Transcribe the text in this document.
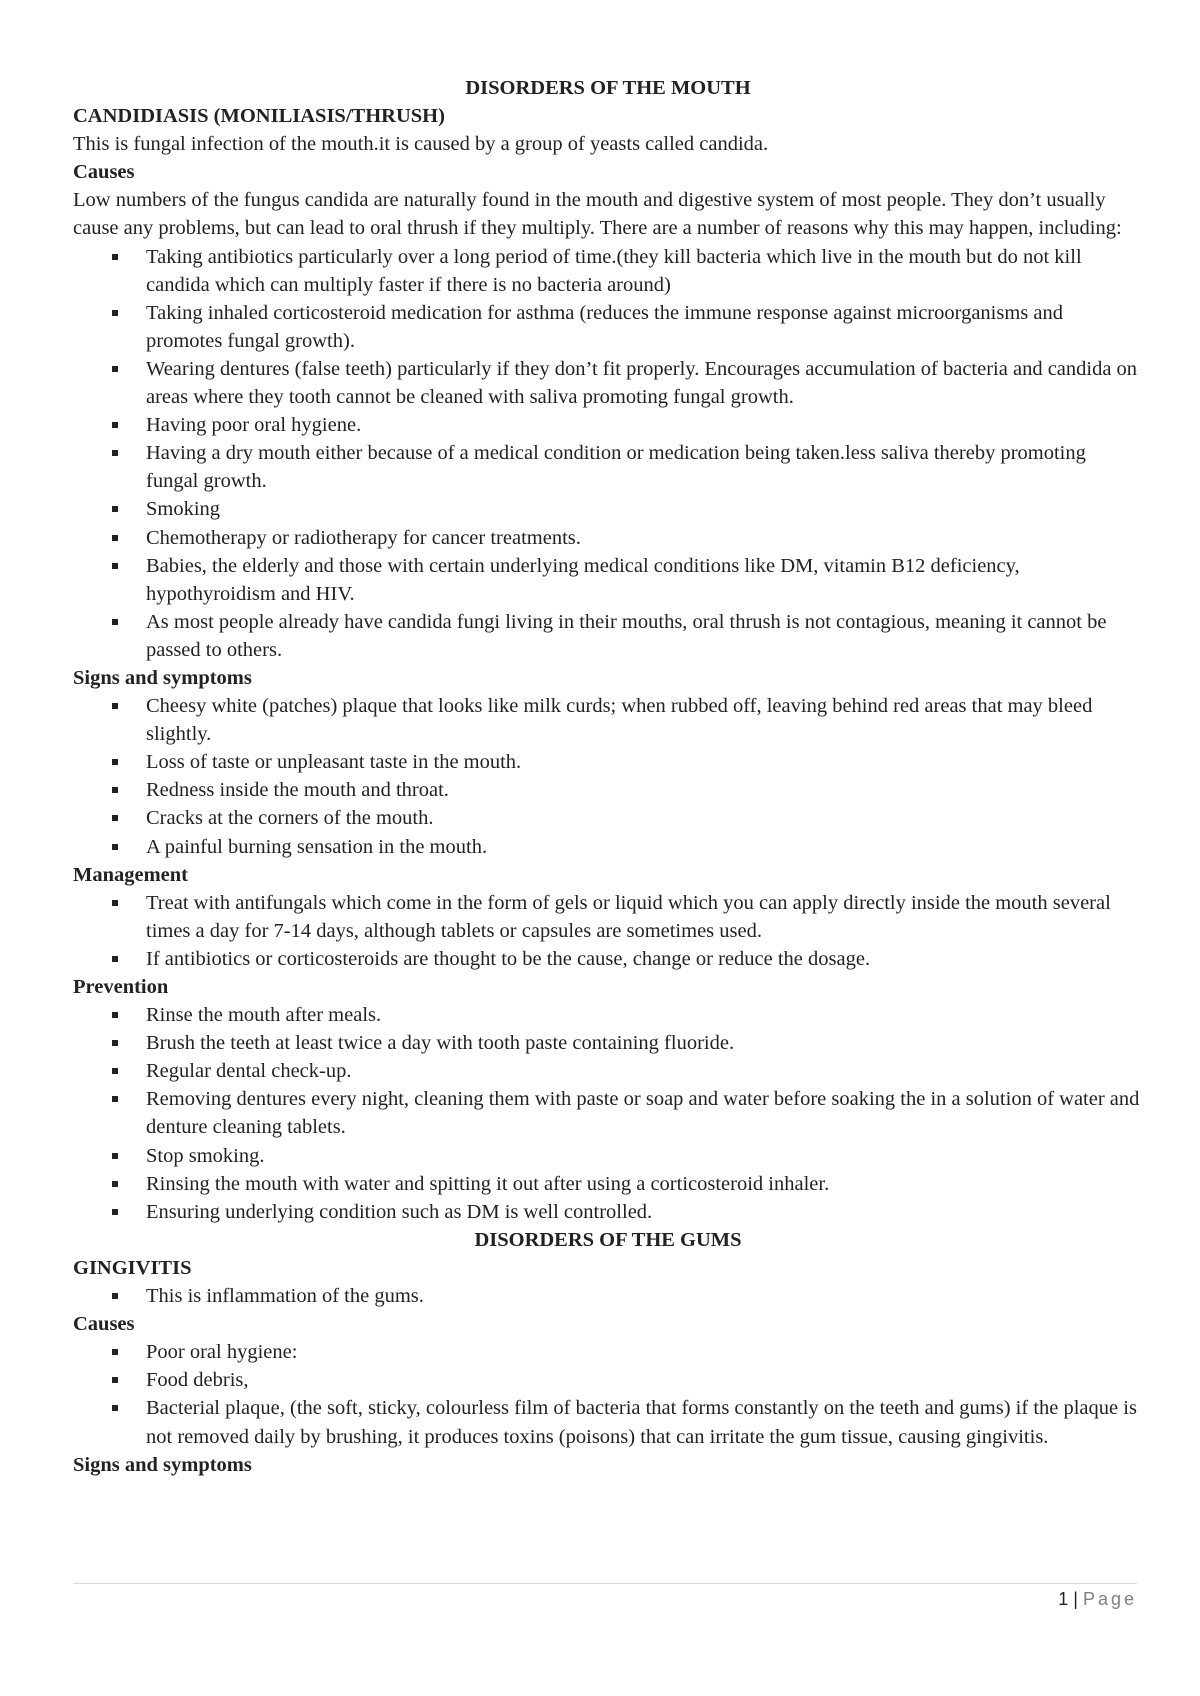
DISORDERS OF THE MOUTH
CANDIDIASIS (MONILIASIS/THRUSH)

This is fungal infection of the mouth.it is caused by a group of yeasts called candida.

Causes

Low numbers of the fungus candida are naturally found in the mouth and digestive system of most people. They don’t usually cause any problems, but can lead to oral thrush if they multiply. There are a number of reasons why this may happen, including:

Taking antibiotics particularly over a long period of time.(they kill bacteria which live in the mouth but do not kill candida which can multiply faster if there is no bacteria around)
Taking inhaled corticosteroid medication for asthma (reduces the immune response against microorganisms and promotes fungal growth).
Wearing dentures (false teeth) particularly if they don’t fit properly. Encourages accumulation of bacteria and candida on areas where they tooth cannot be cleaned with saliva promoting fungal growth.
Having poor oral hygiene.
Having a dry mouth either because of a medical condition or medication being taken.less saliva thereby promoting fungal growth.
Smoking
Chemotherapy or radiotherapy for cancer treatments.
Babies, the elderly and those with certain underlying medical conditions like DM, vitamin B12 deficiency, hypothyroidism and HIV.
As most people already have candida fungi living in their mouths, oral thrush is not contagious, meaning it cannot be passed to others.
Signs and symptoms
Cheesy white (patches) plaque that looks like milk curds; when rubbed off, leaving behind red areas that may bleed slightly.
Loss of taste or unpleasant taste in the mouth.
Redness inside the mouth and throat.
Cracks at the corners of the mouth.
A painful burning sensation in the mouth.
Management
Treat with antifungals which come in the form of gels or liquid which you can apply directly inside the mouth several times a day for 7-14 days, although tablets or capsules are sometimes used.
If antibiotics or corticosteroids are thought to be the cause, change or reduce the dosage.
Prevention
Rinse the mouth after meals.
Brush the teeth at least twice a day with tooth paste containing fluoride.
Regular dental check-up.
Removing dentures every night, cleaning them with paste or soap and water before soaking the in a solution of water and denture cleaning tablets.
Stop smoking.
Rinsing the mouth with water and spitting it out after using a corticosteroid inhaler.
Ensuring underlying condition such as DM is well controlled.
DISORDERS OF THE GUMS
GINGIVITIS
This is inflammation of the gums.
Causes
Poor oral hygiene:
Food debris,
Bacterial plaque, (the soft, sticky, colourless film of bacteria that forms constantly on the teeth and gums) if the plaque is not removed daily by brushing, it produces toxins (poisons) that can irritate the gum tissue, causing gingivitis.
Signs and symptoms
1 | Page
